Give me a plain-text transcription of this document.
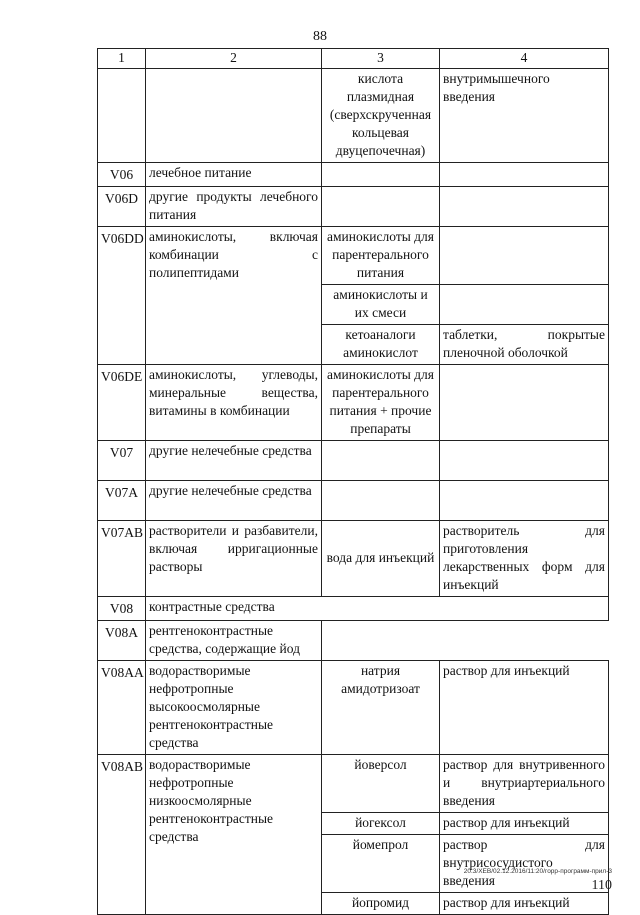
88
1	2	3	4
		кислота плазмидная (сверхскрученная кольцевая двуцепочечная)	внутримышечного введения
V06	лечебное питание		
V06D	другие продукты лечебного питания		
V06DD	аминокислоты, включая комбинации с полипептидами	аминокислоты для парентерального питания	
		аминокислоты и их смеси	
		кетоаналоги аминокислот	таблетки, покрытые пленочной оболочкой
V06DE	аминокислоты, углеводы, минеральные вещества, витамины в комбинации	аминокислоты для парентерального питания + прочие препараты	
V07	другие нелечебные средства		
V07A	другие нелечебные средства		
V07AB	растворители и разбавители, включая ирригационные растворы	вода для инъекций	растворитель для приготовления лекарственных форм для инъекций
V08	контрастные средства		
V08A	рентгеноконтрастные средства, содержащие йод		
V08AA	водорастворимые нефротропные высокоосмолярные рентгеноконтрастные средства	натрия амидотризоат	раствор для инъекций
V08AB	водорастворимые нефротропные низкоосмолярные рентгеноконтрастные средства	йоверсол	раствор для внутривенного и внутриартериального введения
		йогексол	раствор для инъекций
		йомепрол	раствор для внутрисосудистого введения
		йопромид	раствор для инъекций
20.3/ХЕВ/02.12.2016/11:20/горр-программ-прил-3
110
